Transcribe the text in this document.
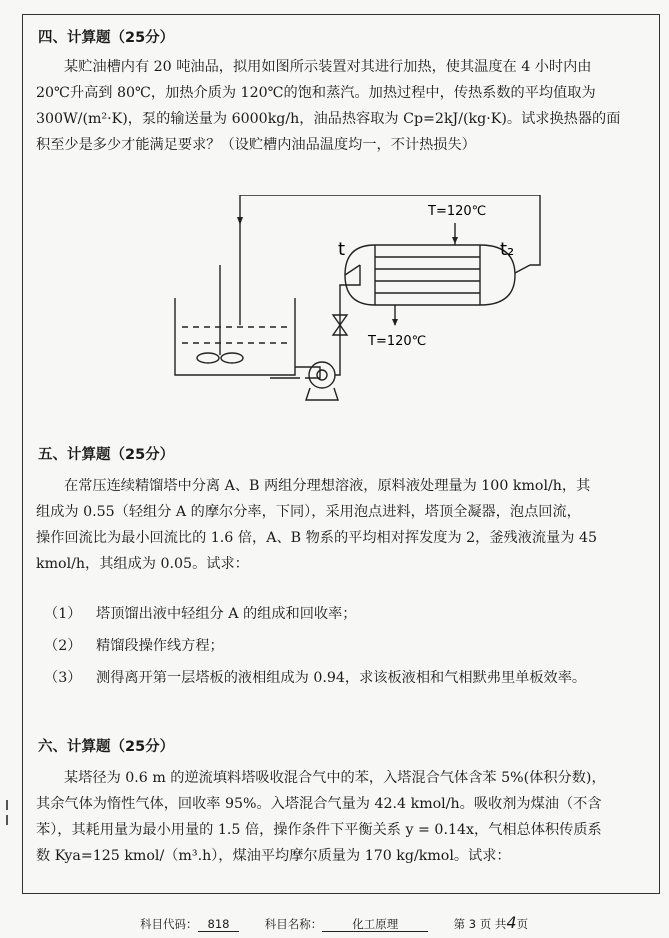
四、计算题（25分）
某贮油槽内有 20 吨油品，拟用如图所示装置对其进行加热，使其温度在 4 小时内由
20℃升高到 80℃，加热介质为 120℃的饱和蒸汽。加热过程中，传热系数的平均值取为
300W/(m²·K)，泵的输送量为 6000kg/h，油品热容取为 Cp=2kJ/(kg·K)。试求换热器的面
积至少是多少才能满足要求？（设贮槽内油品温度均一，不计热损失）
T=120℃
T=120℃
t	t₂
五、计算题（25分）
在常压连续精馏塔中分离 A、B 两组分理想溶液，原料液处理量为 100 kmol/h，其
组成为 0.55（轻组分 A 的摩尔分率，下同），采用泡点进料，塔顶全凝器，泡点回流，
操作回流比为最小回流比的 1.6 倍，A、B 物系的平均相对挥发度为 2，釜残液流量为 45
kmol/h，其组成为 0.05。试求：
（1） 塔顶馏出液中轻组分 A 的组成和回收率；
（2） 精馏段操作线方程；
（3） 测得离开第一层塔板的液相组成为 0.94，求该板液相和气相默弗里单板效率。
六、计算题（25分）
某塔径为 0.6 m 的逆流填料塔吸收混合气中的苯，入塔混合气体含苯 5%(体积分数)，
其余气体为惰性气体，回收率 95%。入塔混合气量为 42.4 kmol/h。吸收剂为煤油（不含
苯），其耗用量为最小用量的 1.5 倍，操作条件下平衡关系 y = 0.14x，气相总体积传质系
数 Kya=125 kmol/（m³.h），煤油平均摩尔质量为 170 kg/kmol。试求：
科目代码： 818	科目名称：	化工原理	第 3 页 共4页
